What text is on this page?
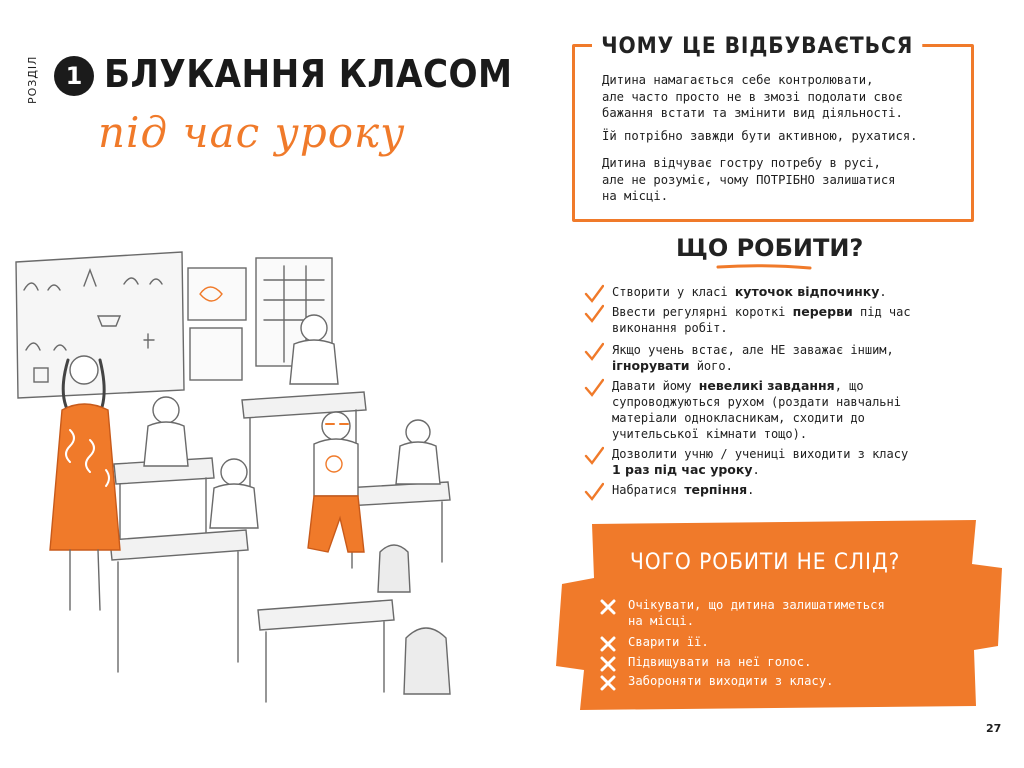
РОЗДІЛ	1 БЛУКАННЯ КЛАСОМ
під час уроку
ЧОМУ ЦЕ ВІДБУВАЄТЬСЯ
Дитина намагається себе контролювати,
але часто просто не в змозі подолати своє
бажання встати та змінити вид діяльності.
Їй потрібно завжди бути активною, рухатися.
Дитина відчуває гостру потребу в русі,
але не розуміє, чому ПОТРІБНО залишатися
на місці.
ЩО РОБИТИ?
Створити у класі куточок відпочинку.
Ввести регулярні короткі перерви під час
виконання робіт.
Якщо учень встає, але НЕ заважає іншим,
ігнорувати його.
Давати йому невеликі завдання, що
супроводжуються рухом (роздати навчальні
матеріали однокласникам, сходити до
учительської кімнати тощо).
Дозволити учню / учениці виходити з класу
1 раз під час уроку.
Набратися терпіння.
ЧОГО РОБИТИ НЕ СЛІД?
Очікувати, що дитина залишатиметься
на місці.
Сварити її.
Підвищувати на неї голос.
Забороняти виходити з класу.
27
